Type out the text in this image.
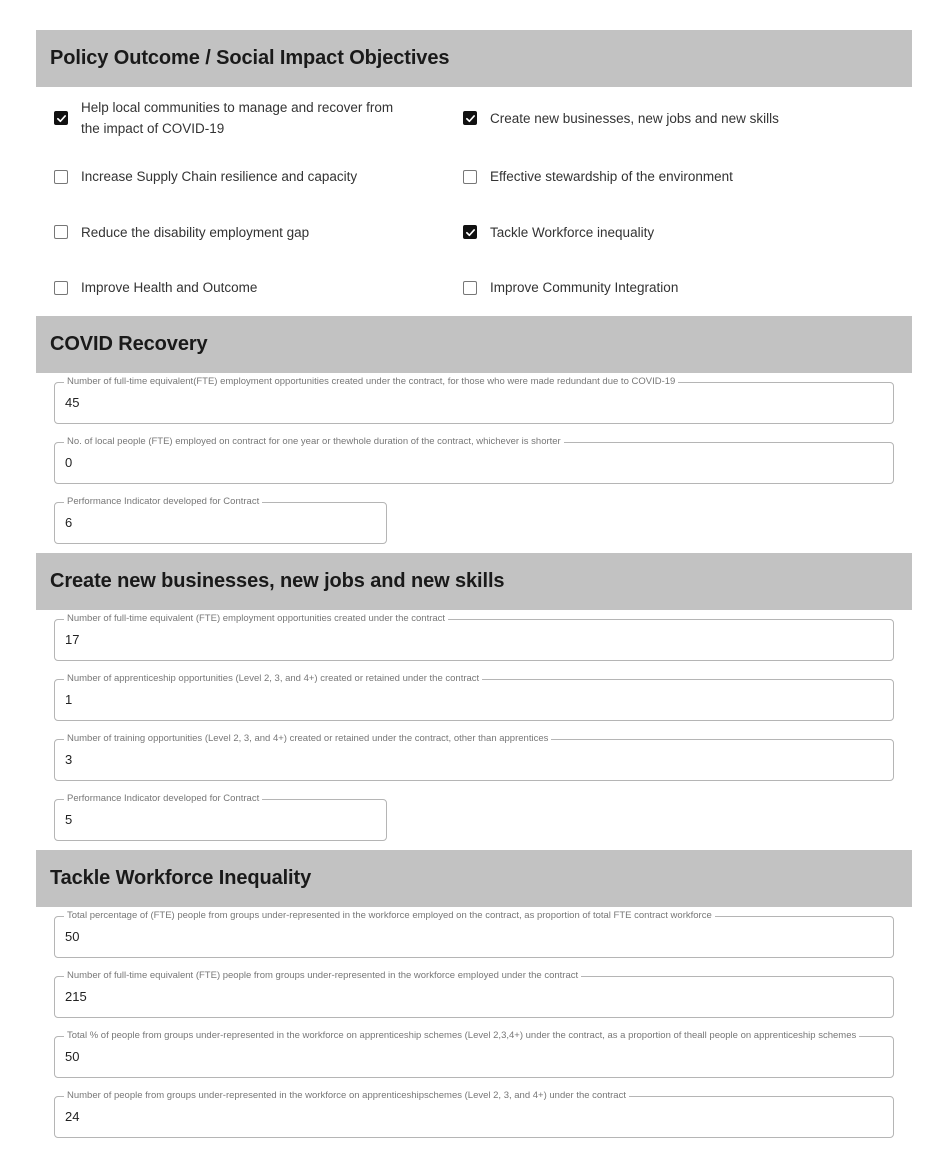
Policy Outcome / Social Impact Objectives
Help local communities to manage and recover from the impact of COVID-19
Create new businesses, new jobs and new skills
Increase Supply Chain resilience and capacity	Effective stewardship of the environment
Reduce the disability employment gap	Tackle Workforce inequality
Improve Health and Outcome	Improve Community Integration
COVID Recovery
Number of full-time equivalent(FTE) employment opportunities created under the contract, for those who were made redundant due to COVID-19
45
No. of local people (FTE) employed on contract for one year or thewhole duration of the contract, whichever is shorter
0
Performance Indicator developed for Contract
6
Create new businesses, new jobs and new skills
Number of full-time equivalent (FTE) employment opportunities created under the contract
17
Number of apprenticeship opportunities (Level 2, 3, and 4+) created or retained under the contract
1
Number of training opportunities (Level 2, 3, and 4+) created or retained under the contract, other than apprentices
3
Performance Indicator developed for Contract
5
Tackle Workforce Inequality
Total percentage of (FTE) people from groups under-represented in the workforce employed on the contract, as proportion of total FTE contract workforce
50
Number of full-time equivalent (FTE) people from groups under-represented in the workforce employed under the contract
215
Total % of people from groups under-represented in the workforce on apprenticeship schemes (Level 2,3,4+) under the contract, as a proportion of theall people on apprenticeship schemes
50
Number of people from groups under-represented in the workforce on apprenticeshipschemes (Level 2, 3, and 4+) under the contract
24
